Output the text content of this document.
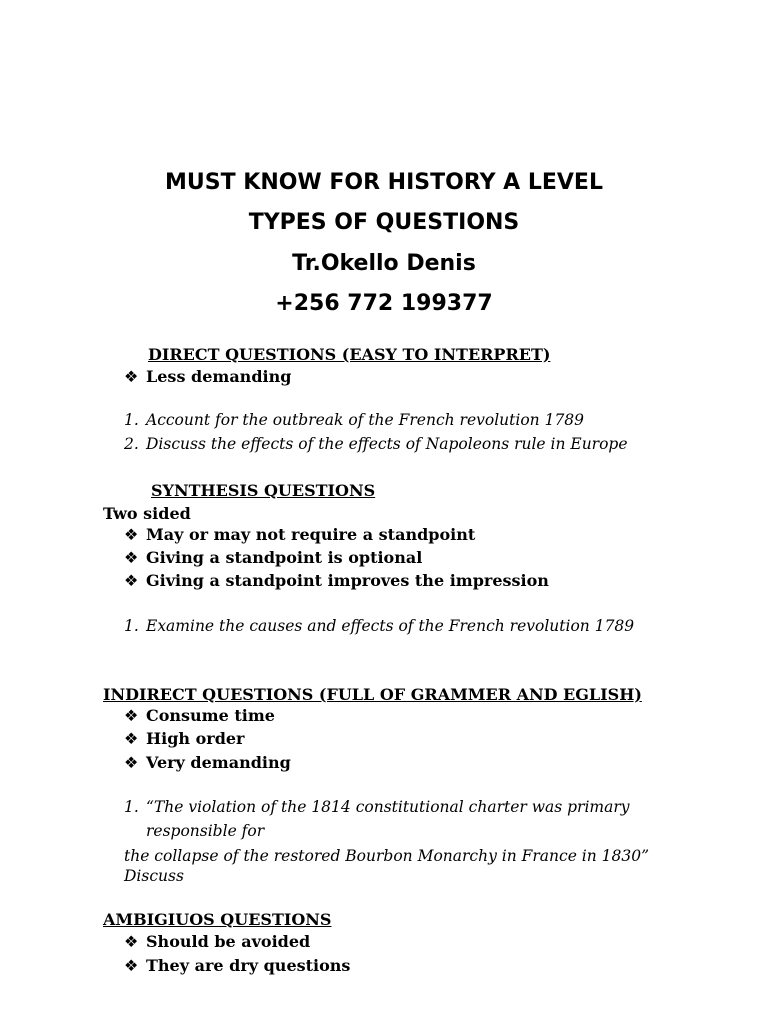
MUST KNOW FOR HISTORY A LEVEL
TYPES OF QUESTIONS
Tr.Okello Denis
+256 772 199377
DIRECT QUESTIONS (EASY TO INTERPRET)
❖ Less demanding
1. Account for the outbreak of the French revolution 1789
2. Discuss the effects of the effects of Napoleons rule in Europe
SYNTHESIS QUESTIONS
Two sided
❖ May or may not require a standpoint
❖ Giving a standpoint is optional
❖ Giving a standpoint improves the impression
1. Examine the causes and effects of the French revolution 1789
INDIRECT QUESTIONS (FULL OF GRAMMER AND EGLISH)
❖ Consume time
❖ High order
❖ Very demanding
1. “The violation of the 1814 constitutional charter was primary
responsible for
the collapse of the restored Bourbon Monarchy in France in 1830”
Discuss
AMBIGIUOS QUESTIONS
❖ Should be avoided
❖ They are dry questions
